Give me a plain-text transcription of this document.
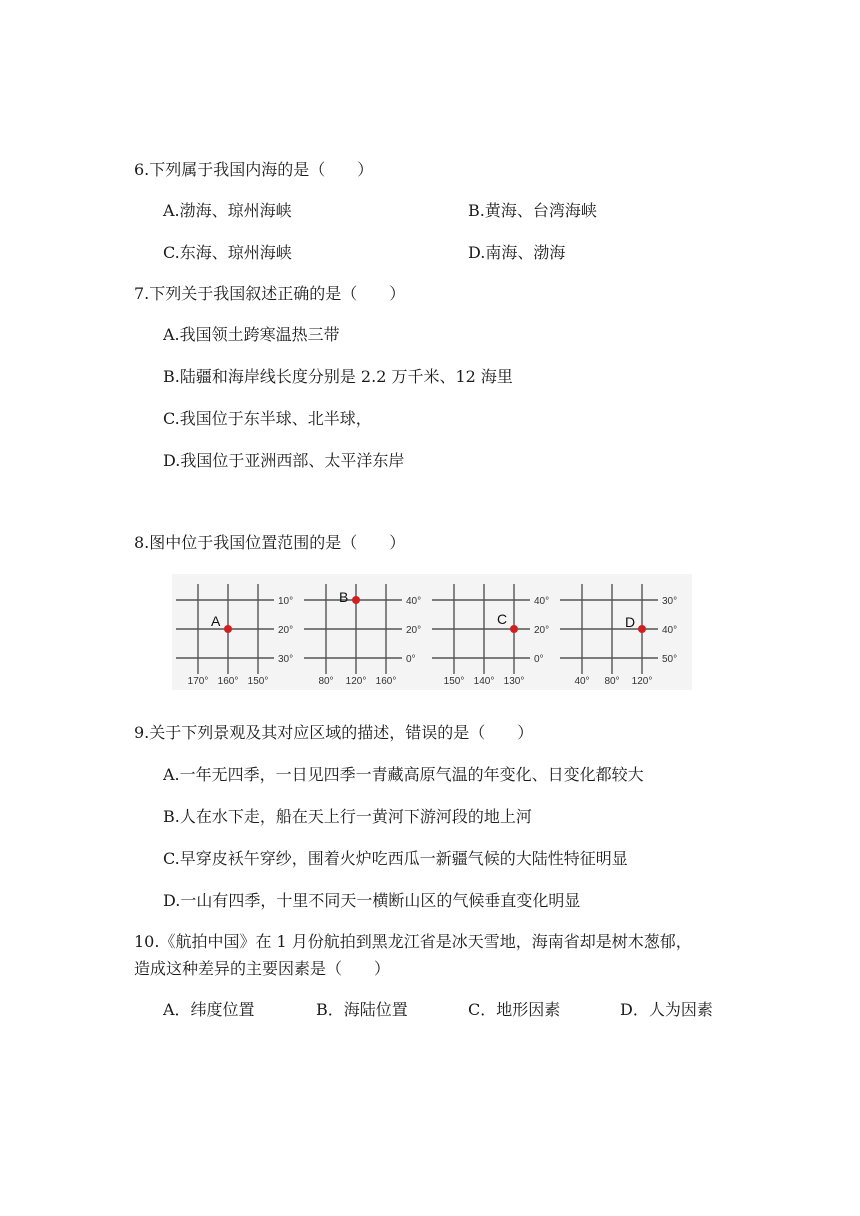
6.下列属于我国内海的是（　　）
A.渤海、琼州海峡	B.黄海、台湾海峡
C.东海、琼州海峡	D.南海、渤海
7.下列关于我国叙述正确的是（　　）
A.我国领土跨寒温热三带
B.陆疆和海岸线长度分别是 2.2 万千米、12 海里
C.我国位于东半球、北半球，
D.我国位于亚洲西部、太平洋东岸
8.图中位于我国位置范围的是（　　）
10°
20°
30°
170° 160° 150°
A
40°
20°
0°
80° 120° 160°
B	40°
20°
0°
150° 140° 130°
C
30°
40°
50°
40° 80° 120°
D
9.关于下列景观及其对应区域的描述，错误的是（　　）
A.一年无四季，一日见四季一青藏高原气温的年变化、日变化都较大
B.人在水下走，船在天上行一黄河下游河段的地上河
C.早穿皮袄午穿纱，围着火炉吃西瓜一新疆气候的大陆性特征明显
D.一山有四季，十里不同天一横断山区的气候垂直变化明显
10.《航拍中国》在 1 月份航拍到黑龙江省是冰天雪地，海南省却是树木葱郁，
造成这种差异的主要因素是（　　）
A．纬度位置	B．海陆位置	C．地形因素	D．人为因素
